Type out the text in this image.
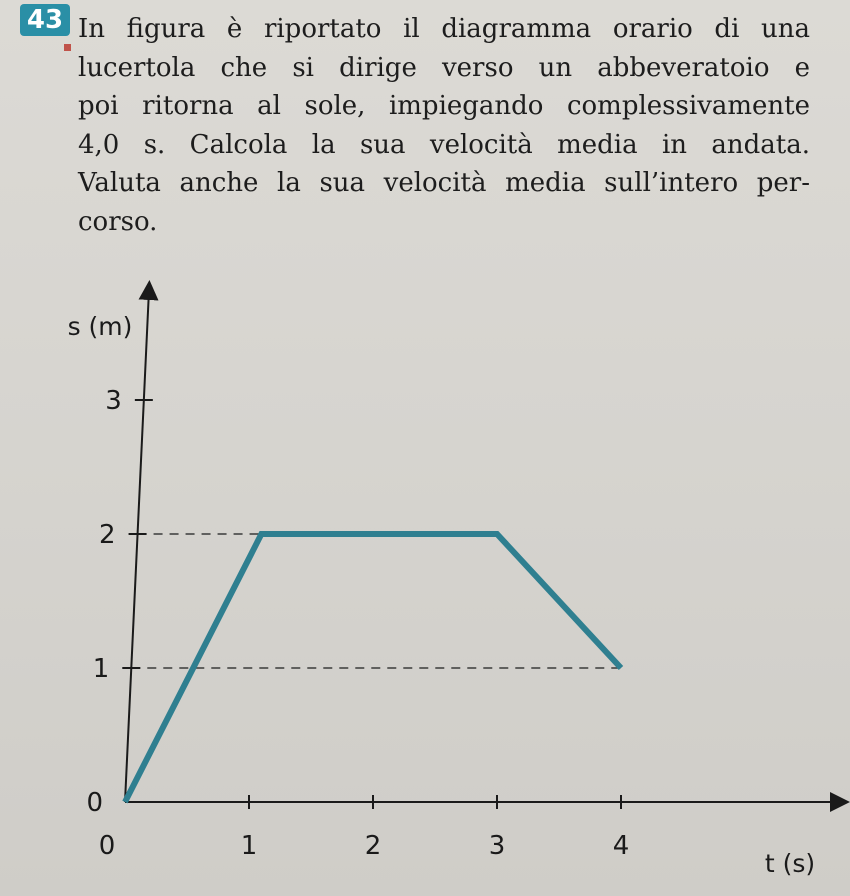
43 In figura è riportato il diagramma orario di una
lucertola che si dirige verso un abbeveratoio e
poi ritorna al sole, impiegando complessivamente
4,0 s. Calcola la sua velocità media in andata.
Valuta anche la sua velocità media sull’intero per-
corso.
0	1	2	3	4
0
1
2
3
t (s)
s (m)
